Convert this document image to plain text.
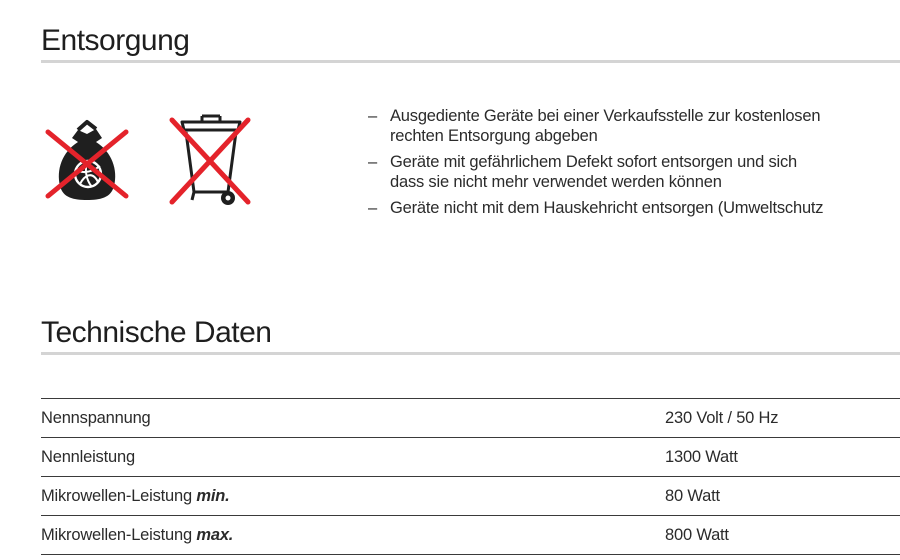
Entsorgung
– Ausgediente Geräte bei einer Verkaufsstelle zur kostenlosen
rechten Entsorgung abgeben
– Geräte mit gefährlichem Defekt sofort entsorgen und sich
dass sie nicht mehr verwendet werden können
– Geräte nicht mit dem Hauskehricht entsorgen (Umweltschutz
Technische Daten
Nennspannung	230 Volt / 50 Hz
Nennleistung	1300 Watt
Mikrowellen-Leistung min.	80 Watt
Mikrowellen-Leistung max.	800 Watt
